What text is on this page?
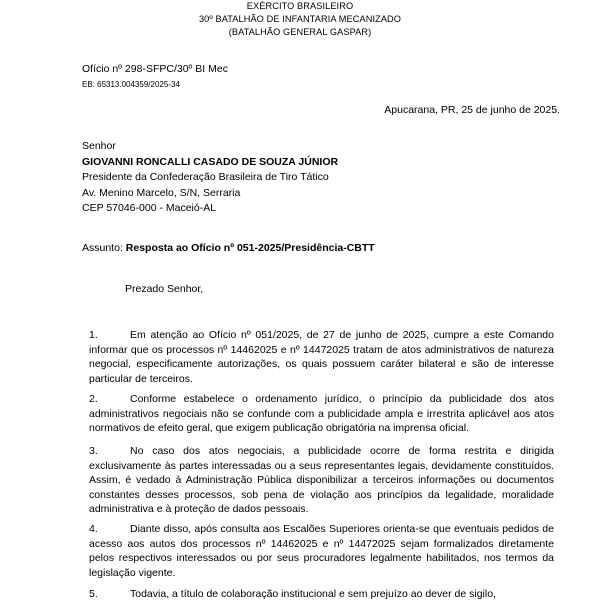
EXÉRCITO BRASILEIRO
30º BATALHÃO DE INFANTARIA MECANIZADO
(BATALHÃO GENERAL GASPAR)
Ofício nº 298-SFPC/30º BI Mec
EB: 65313.004359/2025-34
Apucarana, PR, 25 de junho de 2025.
Senhor
GIOVANNI RONCALLI CASADO DE SOUZA JÚNIOR
Presidente da Confederação Brasileira de Tiro Tático
Av. Menino Marcelo, S/N, Serraria
CEP 57046-000 - Maceió-AL
Assunto: Resposta ao Ofício nº 051-2025/Presidência-CBTT
Prezado Senhor,
1.	Em atenção ao Ofício nº 051/2025, de 27 de junho de 2025, cumpre a este Comando informar que os processos nº 14462025 e nº 14472025 tratam de atos administrativos de natureza negocial, especificamente autorizações, os quais possuem caráter bilateral e são de interesse particular de terceiros.
2.	Conforme estabelece o ordenamento jurídico, o princípio da publicidade dos atos administrativos negociais não se confunde com a publicidade ampla e irrestrita aplicável aos atos normativos de efeito geral, que exigem publicação obrigatória na imprensa oficial.
3.	No caso dos atos negociais, a publicidade ocorre de forma restrita e dirigida exclusivamente às partes interessadas ou a seus representantes legais, devidamente constituídos. Assim, é vedado à Administração Pública disponibilizar a terceiros informações ou documentos constantes desses processos, sob pena de violação aos princípios da legalidade, moralidade administrativa e à proteção de dados pessoais.
4.	Diante disso, após consulta aos Escalões Superiores orienta-se que eventuais pedidos de acesso aos autos dos processos nº 14462025 e nº 14472025 sejam formalizados diretamente pelos respectivos interessados ou por seus procuradores legalmente habilitados, nos termos da legislação vigente.
5.	Todavia, a título de colaboração institucional e sem prejuízo ao dever de sigilo,
